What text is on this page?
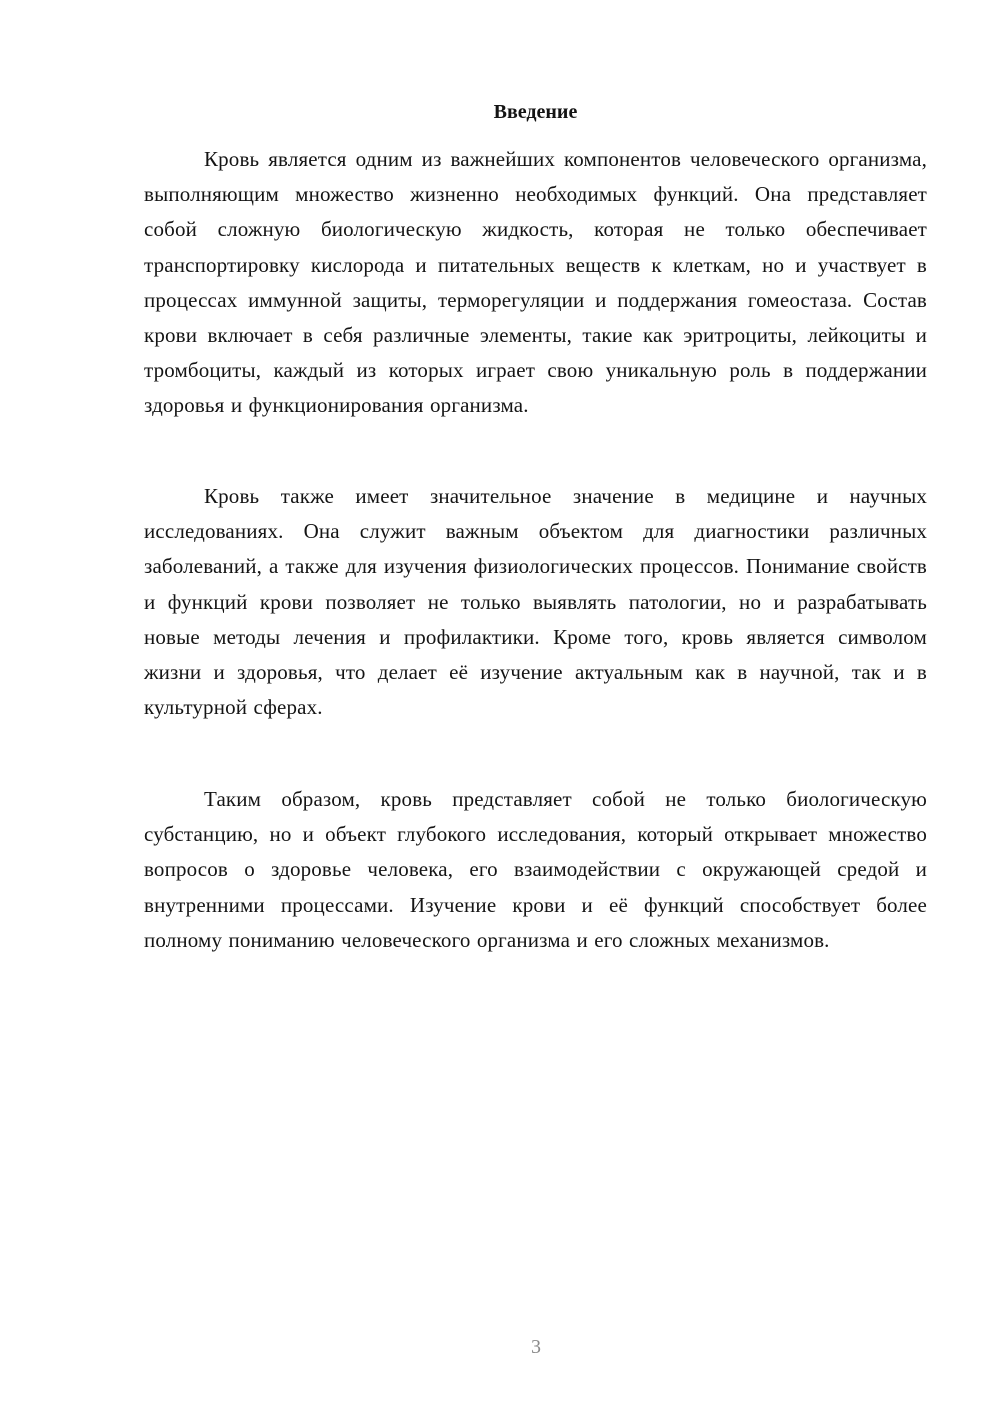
Введение

Кровь является одним из важнейших компонентов человеческого организма, выполняющим множество жизненно необходимых функций. Она представляет собой сложную биологическую жидкость, которая не только обеспечивает транспортировку кислорода и питательных веществ к клеткам, но и участвует в процессах иммунной защиты, терморегуляции и поддержания гомеостаза. Состав крови включает в себя различные элементы, такие как эритроциты, лейкоциты и тромбоциты, каждый из которых играет свою уникальную роль в поддержании здоровья и функционирования организма.

Кровь также имеет значительное значение в медицине и научных исследованиях. Она служит важным объектом для диагностики различных заболеваний, а также для изучения физиологических процессов. Понимание свойств и функций крови позволяет не только выявлять патологии, но и разрабатывать новые методы лечения и профилактики. Кроме того, кровь является символом жизни и здоровья, что делает её изучение актуальным как в научной, так и в культурной сферах.

Таким образом, кровь представляет собой не только биологическую субстанцию, но и объект глубокого исследования, который открывает множество вопросов о здоровье человека, его взаимодействии с окружающей средой и внутренними процессами. Изучение крови и её функций способствует более полному пониманию человеческого организма и его сложных механизмов.

3
